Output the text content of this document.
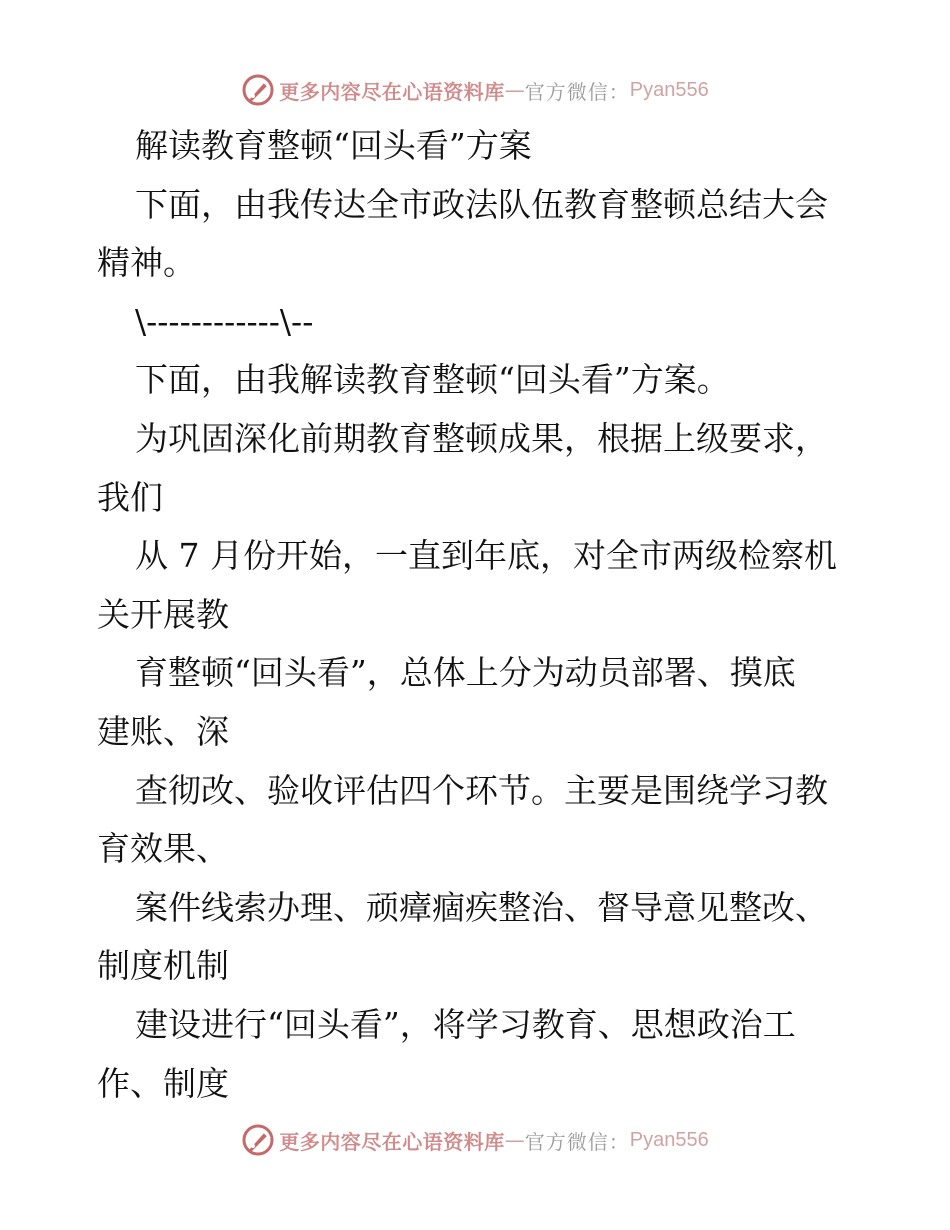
更多内容尽在心语资料库 — 官方微信： Pyan556
解读教育整顿“回头看”方案
下面，由我传达全市政法队伍教育整顿总结大会
精神。
\------------\--
下面，由我解读教育整顿“回头看”方案。
为巩固深化前期教育整顿成果，根据上级要求，
我们
从 7 月份开始，一直到年底，对全市两级检察机
关开展教
育整顿“回头看”，总体上分为动员部署、摸底
建账、深
查彻改、验收评估四个环节。主要是围绕学习教
育效果、
案件线索办理、顽瘴痼疾整治、督导意见整改、
制度机制
建设进行“回头看”，将学习教育、思想政治工
作、制度
更多内容尽在心语资料库 — 官方微信： Pyan556
